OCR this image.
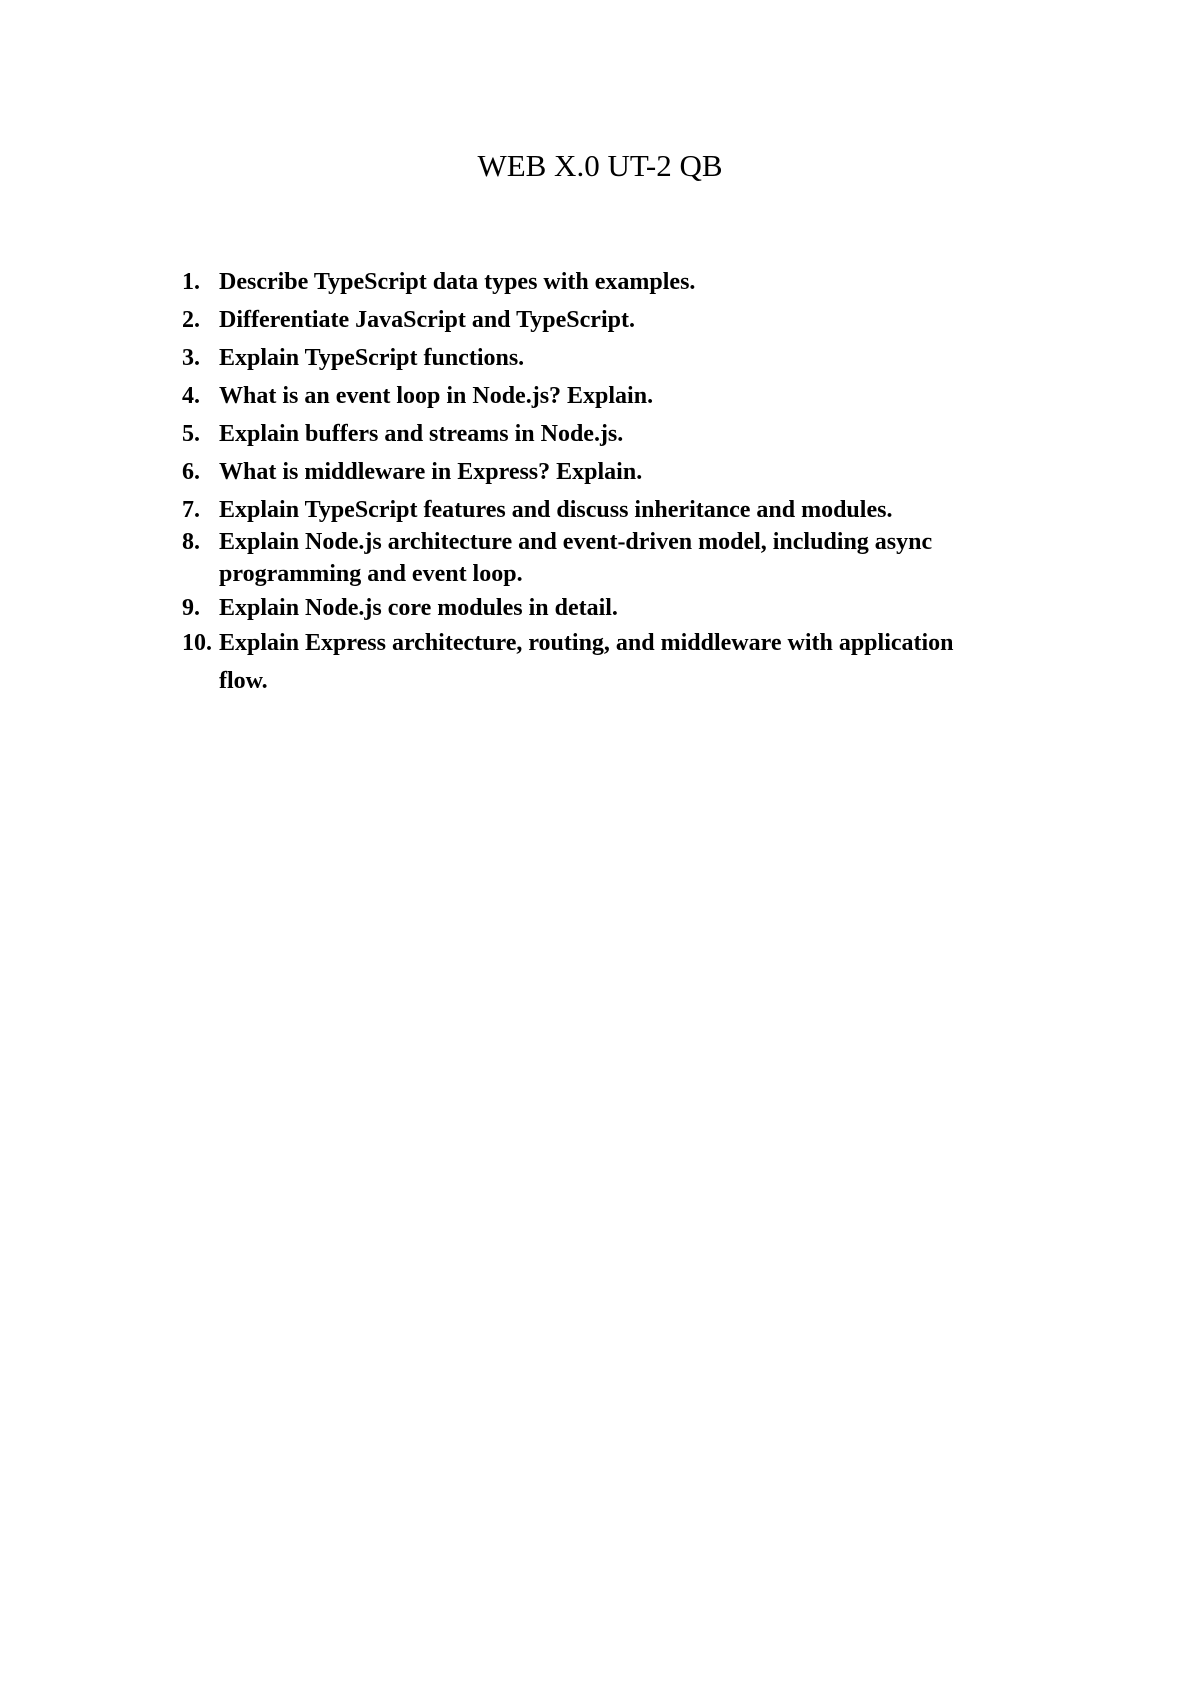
WEB X.0 UT-2 QB
1. Describe TypeScript data types with examples.
2. Differentiate JavaScript and TypeScript.
3. Explain TypeScript functions.
4. What is an event loop in Node.js? Explain.
5. Explain buffers and streams in Node.js.
6. What is middleware in Express? Explain.
7. Explain TypeScript features and discuss inheritance and modules.
8. Explain Node.js architecture and event-driven model, including async programming and event loop.
9. Explain Node.js core modules in detail.
10. Explain Express architecture, routing, and middleware with application flow.
